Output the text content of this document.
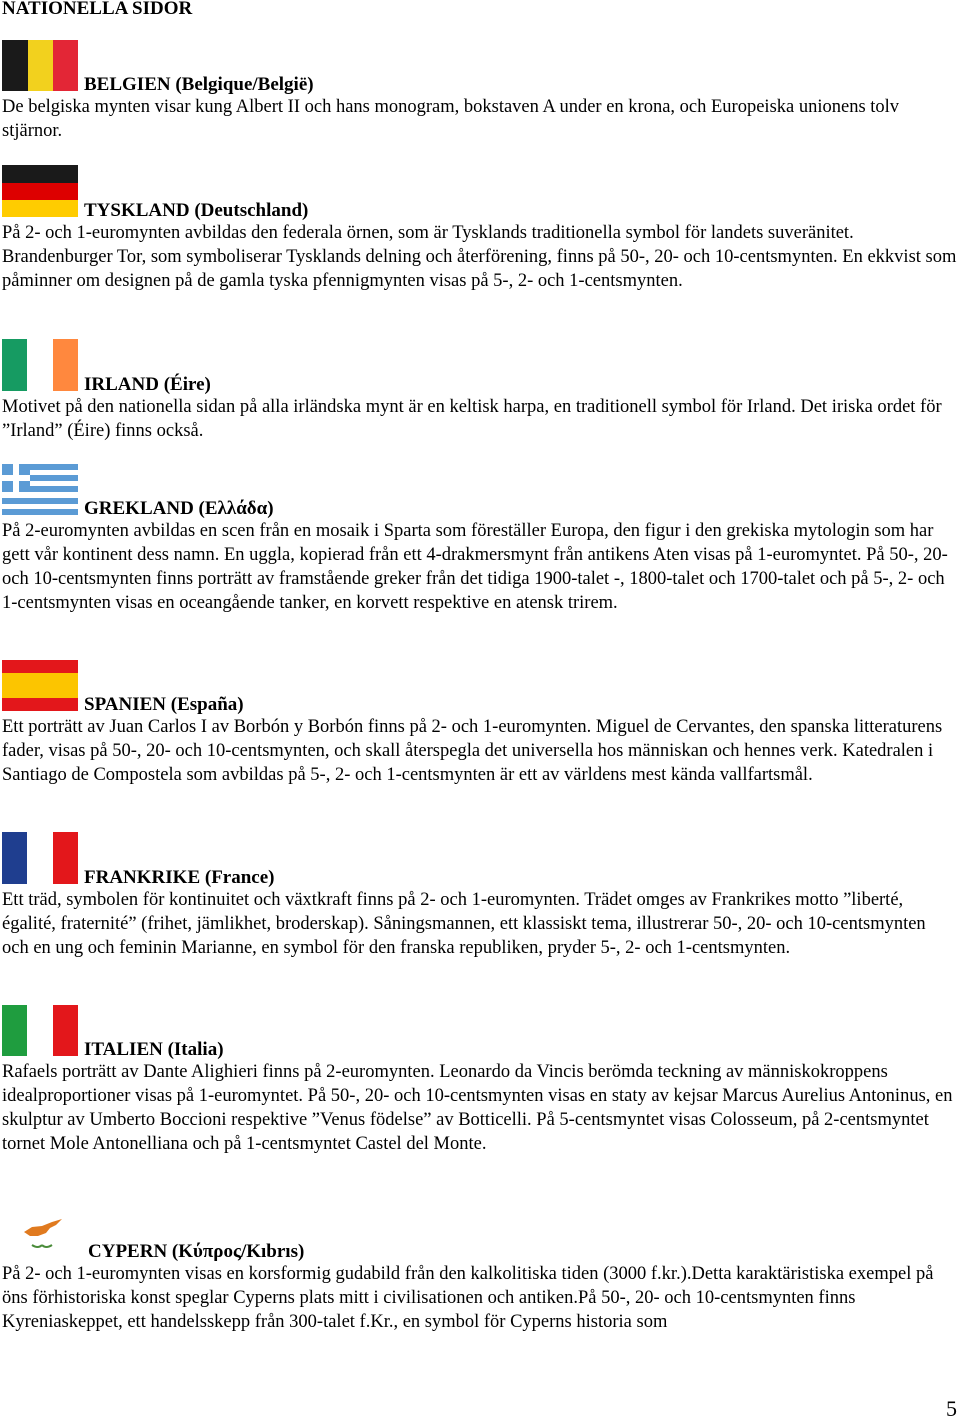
NATIONELLA SIDOR
BELGIEN (Belgique/België)
De belgiska mynten visar kung Albert II och hans monogram, bokstaven A under en krona, och Europeiska unionens tolv stjärnor.
TYSKLAND (Deutschland)
På 2- och 1-euromynten avbildas den federala örnen, som är Tysklands traditionella symbol för landets suveränitet. Brandenburger Tor, som symboliserar Tysklands delning och återförening, finns på 50-, 20- och 10-centsmynten. En ekkvist som påminner om designen på de gamla tyska pfennigmynten visas på 5-, 2- och 1-centsmynten.
IRLAND (Éire)
Motivet på den nationella sidan på alla irländska mynt är en keltisk harpa, en traditionell symbol för Irland. Det iriska ordet för ”Irland” (Éire) finns också.
GREKLAND (Ελλάδα)
På 2-euromynten avbildas en scen från en mosaik i Sparta som föreställer Europa, den figur i den grekiska mytologin som har gett vår kontinent dess namn. En uggla, kopierad från ett 4-drakmersmynt från antikens Aten visas på 1-euromyntet. På 50-, 20- och 10-centsmynten finns porträtt av framstående greker från det tidiga 1900-talet -, 1800-talet och 1700-talet och på 5-, 2- och 1-centsmynten visas en oceangående tanker, en korvett respektive en atensk trirem.
SPANIEN (España)
Ett porträtt av Juan Carlos I av Borbón y Borbón finns på 2- och 1-euromynten. Miguel de Cervantes, den spanska litteraturens fader, visas på 50-, 20- och 10-centsmynten, och skall återspegla det universella hos människan och hennes verk. Katedralen i Santiago de Compostela som avbildas på 5-, 2- och 1-centsmynten är ett av världens mest kända vallfartsmål.
FRANKRIKE (France)
Ett träd, symbolen för kontinuitet och växtkraft finns på 2- och 1-euromynten. Trädet omges av Frankrikes motto ”liberté, égalité, fraternité” (frihet, jämlikhet, broderskap). Såningsmannen, ett klassiskt tema, illustrerar 50-, 20- och 10-centsmynten och en ung och feminin Marianne, en symbol för den franska republiken, pryder 5-, 2- och 1-centsmynten.
ITALIEN (Italia)
Rafaels porträtt av Dante Alighieri finns på 2-euromynten. Leonardo da Vincis berömda teckning av människokroppens idealproportioner visas på 1-euromyntet. På 50-, 20- och 10-centsmynten visas en staty av kejsar Marcus Aurelius Antoninus, en skulptur av Umberto Boccioni respektive ”Venus födelse” av Botticelli. På 5-centsmyntet visas Colosseum, på 2-centsmyntet tornet Mole Antonelliana och på 1-centsmyntet Castel del Monte.
CYPERN (Κύπρος/Kıbrıs)
På 2- och 1-euromynten visas en korsformig gudabild från den kalkolitiska tiden (3000 f.kr.).Detta karaktäristiska exempel på öns förhistoriska konst speglar Cyperns plats mitt i civilisationen och antiken.På 50-, 20- och 10-centsmynten finns Kyreniaskeppet, ett handelsskepp från 300-talet f.Kr., en symbol för Cyperns historia som
5
